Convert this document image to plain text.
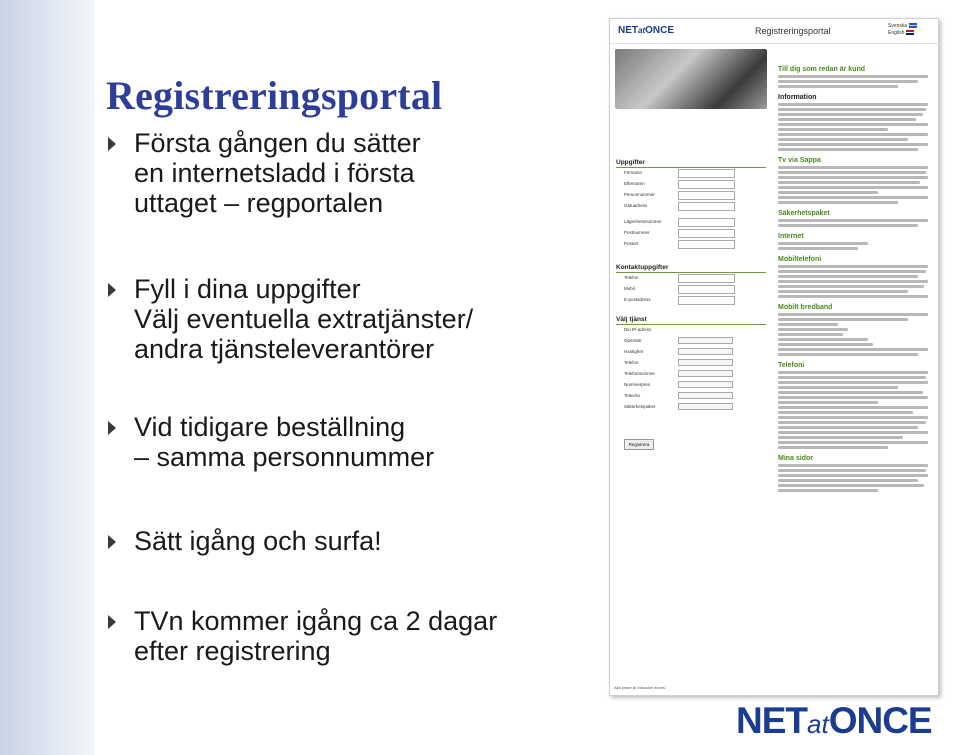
Registreringsportal
Första gången du sätter
en internetsladd i första
uttaget – regportalen
Fyll i dina uppgifter
Välj eventuella extratjänster/
andra tjänsteleverantörer
Vid tidigare beställning
– samma personnummer
Sätt igång och surfa!
TVn kommer igång ca 2 dagar
efter registrering
NETatONCE	Registreringsportal	Svenska
English
Till dig som redan är kund
Information
Tv via Sappa
Säkerhetspaket
Internet
Mobiltelefoni
Mobilt bredband
Telefoni
Mina sidor
Uppgifter
Förnamn
Efternamn
Personnummer
Gatuadress
Lägenhetsnummer
Postnummer
Postort
Kontaktuppgifter
Telefon
Mobil
E-postadress
Välj tjänst
Din IP-adress
Operatör
Hastighet
Telefon
Telefonnummer
Nummerpres
Telev/sv
Säkerhetspaket
Registrera
Alla priser är inklusive moms.
NETatONCE
